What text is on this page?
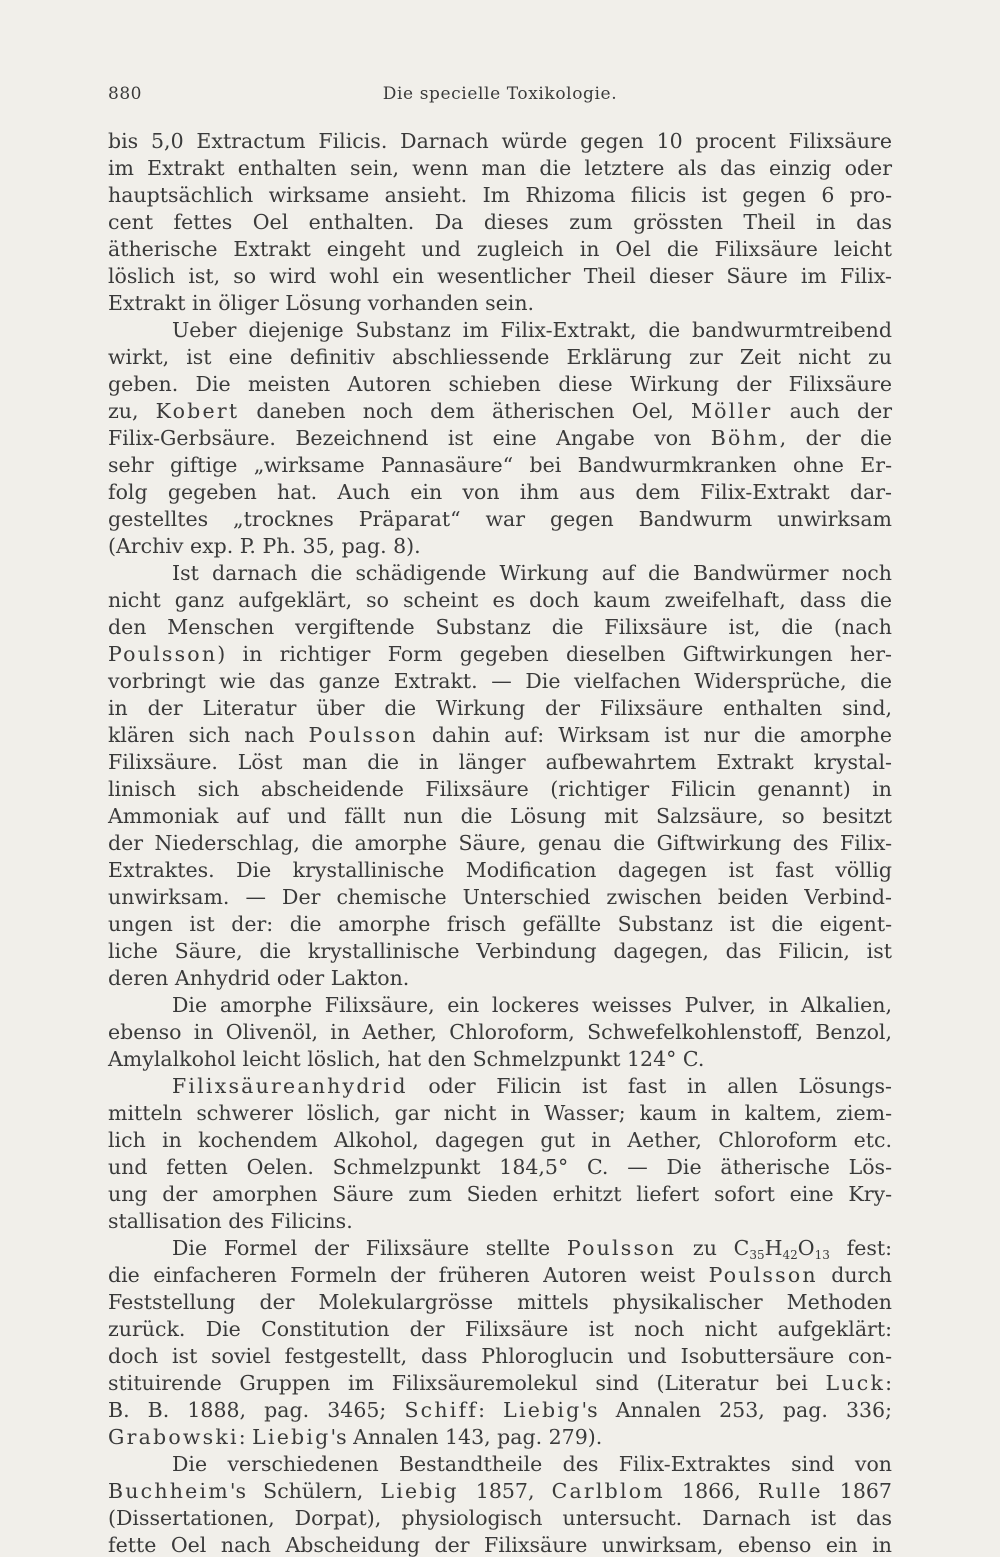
880	Die specielle Toxikologie.
bis 5,0 Extractum Filicis. Darnach würde gegen 10 procent Filixsäure
im Extrakt enthalten sein, wenn man die letztere als das einzig oder
hauptsächlich wirksame ansieht. Im Rhizoma filicis ist gegen 6 pro-
cent fettes Oel enthalten. Da dieses zum grössten Theil in das
ätherische Extrakt eingeht und zugleich in Oel die Filixsäure leicht
löslich ist, so wird wohl ein wesentlicher Theil dieser Säure im Filix-
Extrakt in öliger Lösung vorhanden sein.
Ueber diejenige Substanz im Filix-Extrakt, die bandwurmtreibend
wirkt, ist eine definitiv abschliessende Erklärung zur Zeit nicht zu
geben. Die meisten Autoren schieben diese Wirkung der Filixsäure
zu, Kobert daneben noch dem ätherischen Oel, Möller auch der
Filix-Gerbsäure. Bezeichnend ist eine Angabe von Böhm, der die
sehr giftige „wirksame Pannasäure“ bei Bandwurmkranken ohne Er-
folg gegeben hat. Auch ein von ihm aus dem Filix-Extrakt dar-
gestelltes „trocknes Präparat“ war gegen Bandwurm unwirksam
(Archiv exp. P. Ph. 35, pag. 8).
Ist darnach die schädigende Wirkung auf die Bandwürmer noch
nicht ganz aufgeklärt, so scheint es doch kaum zweifelhaft, dass die
den Menschen vergiftende Substanz die Filixsäure ist, die (nach
Poulsson) in richtiger Form gegeben dieselben Giftwirkungen her-
vorbringt wie das ganze Extrakt. — Die vielfachen Widersprüche, die
in der Literatur über die Wirkung der Filixsäure enthalten sind,
klären sich nach Poulsson dahin auf: Wirksam ist nur die amorphe
Filixsäure. Löst man die in länger aufbewahrtem Extrakt krystal-
linisch sich abscheidende Filixsäure (richtiger Filicin genannt) in
Ammoniak auf und fällt nun die Lösung mit Salzsäure, so besitzt
der Niederschlag, die amorphe Säure, genau die Giftwirkung des Filix-
Extraktes. Die krystallinische Modification dagegen ist fast völlig
unwirksam. — Der chemische Unterschied zwischen beiden Verbind-
ungen ist der: die amorphe frisch gefällte Substanz ist die eigent-
liche Säure, die krystallinische Verbindung dagegen, das Filicin, ist
deren Anhydrid oder Lakton.
Die amorphe Filixsäure, ein lockeres weisses Pulver, in Alkalien,
ebenso in Olivenöl, in Aether, Chloroform, Schwefelkohlenstoff, Benzol,
Amylalkohol leicht löslich, hat den Schmelzpunkt 124° C.
Filixsäureanhydrid oder Filicin ist fast in allen Lösungs-
mitteln schwerer löslich, gar nicht in Wasser; kaum in kaltem, ziem-
lich in kochendem Alkohol, dagegen gut in Aether, Chloroform etc.
und fetten Oelen. Schmelzpunkt 184,5° C. — Die ätherische Lös-
ung der amorphen Säure zum Sieden erhitzt liefert sofort eine Kry-
stallisation des Filicins.
Die Formel der Filixsäure stellte Poulsson zu $C_{35}H_{42}O_{13}$ fest:
die einfacheren Formeln der früheren Autoren weist Poulsson durch
Feststellung der Molekulargrösse mittels physikalischer Methoden
zurück. Die Constitution der Filixsäure ist noch nicht aufgeklärt:
doch ist soviel festgestellt, dass Phloroglucin und Isobuttersäure con-
stituirende Gruppen im Filixsäuremolekul sind (Literatur bei Luck:
B. B. 1888, pag. 3465; Schiff: Liebig's Annalen 253, pag. 336;
Grabowski: Liebig's Annalen 143, pag. 279).
Die verschiedenen Bestandtheile des Filix-Extraktes sind von
Buchheim's Schülern, Liebig 1857, Carlblom 1866, Rulle 1867
(Dissertationen, Dorpat), physiologisch untersucht. Darnach ist das
fette Oel nach Abscheidung der Filixsäure unwirksam, ebenso ein in
